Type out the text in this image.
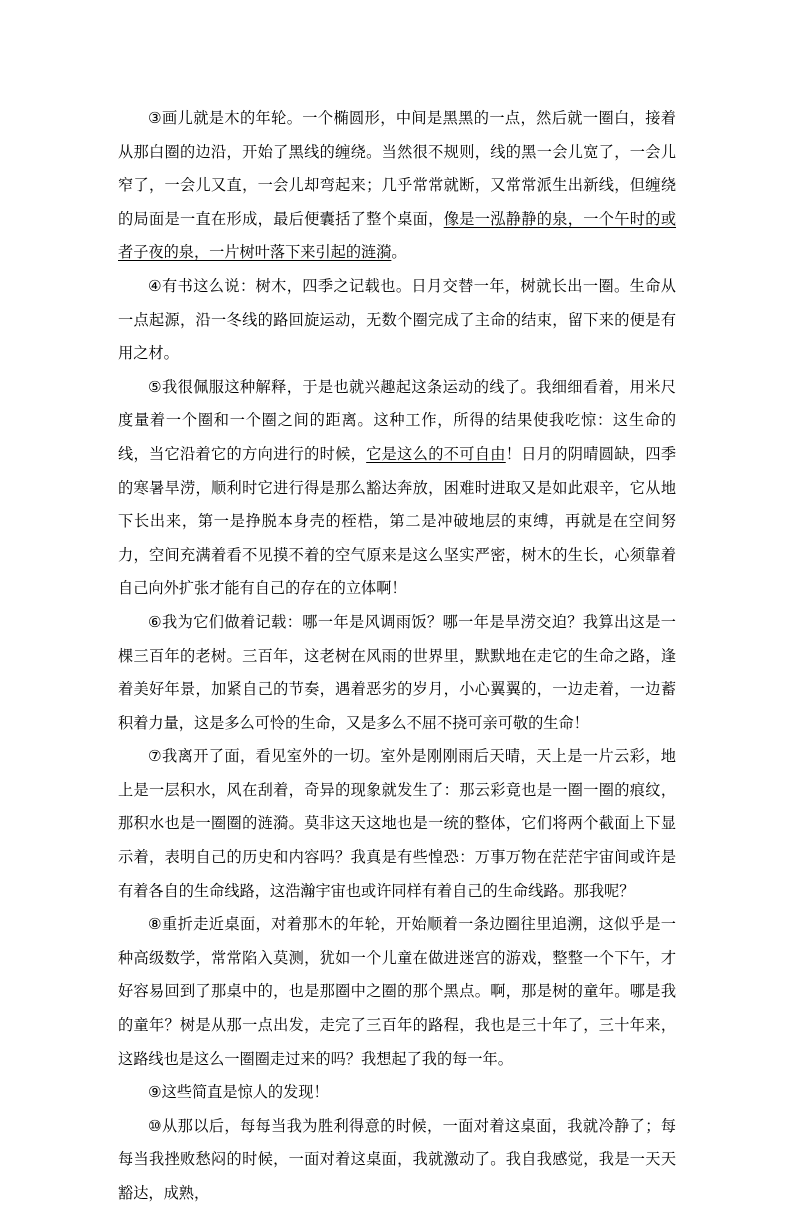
③画儿就是木的年轮。一个椭圆形，中间是黑黑的一点，然后就一圈白，接着从那白圈的边沿，开始了黑线的缠绕。当然很不规则，线的黑一会儿宽了，一会儿窄了，一会儿又直，一会儿却弯起来；几乎常常就断，又常常派生出新线，但缠绕的局面是一直在形成，最后便囊括了整个桌面，像是一泓静静的泉，一个午时的或者子夜的泉，一片树叶落下来引起的涟漪。

④有书这么说：树木，四季之记载也。日月交替一年，树就长出一圈。生命从一点起源，沿一冬线的路回旋运动，无数个圈完成了主命的结束，留下来的便是有用之材。

⑤我很佩服这种解释，于是也就兴趣起这条运动的线了。我细细看着，用米尺度量着一个圈和一个圈之间的距离。这种工作，所得的结果使我吃惊：这生命的线，当它沿着它的方向进行的时候，它是这么的不可自由！日月的阴晴圆缺，四季的寒暑旱涝，顺利时它进行得是那么豁达奔放，困难时进取又是如此艰辛，它从地下长出来，第一是挣脱本身壳的桎梏，第二是冲破地层的束缚，再就是在空间努力，空间充满着看不见摸不着的空气原来是这么坚实严密，树木的生长，心须靠着自己向外扩张才能有自己的存在的立体啊！

⑥我为它们做着记载：哪一年是风调雨饭？哪一年是旱涝交迫？我算出这是一棵三百年的老树。三百年，这老树在风雨的世界里，默默地在走它的生命之路，逢着美好年景，加紧自己的节奏，遇着恶劣的岁月，小心翼翼的，一边走着，一边蓄积着力量，这是多么可怜的生命，又是多么不屈不挠可亲可敬的生命！

⑦我离开了面，看见室外的一切。室外是刚刚雨后天晴，天上是一片云彩，地上是一层积水，风在刮着，奇异的现象就发生了：那云彩竟也是一圈一圈的痕纹，那积水也是一圈圈的涟漪。莫非这天这地也是一统的整体，它们将两个截面上下显示着，表明自己的历史和内容吗？我真是有些惶恐：万事万物在茫茫宇宙间或许是有着各自的生命线路，这浩瀚宇宙也或许同样有着自己的生命线路。那我呢？

⑧重折走近桌面，对着那木的年轮，开始顺着一条边圈往里追溯，这似乎是一种高级数学，常常陷入莫测，犹如一个儿童在做进迷宫的游戏，整整一个下午，才好容易回到了那桌中的，也是那圈中之圈的那个黑点。啊，那是树的童年。哪是我的童年？树是从那一点出发，走完了三百年的路程，我也是三十年了，三十年来，这路线也是这么一圈圈走过来的吗？我想起了我的每一年。

⑨这些简直是惊人的发现！

⑩从那以后，每每当我为胜利得意的时候，一面对着这桌面，我就冷静了；每每当我挫败愁闷的时候，一面对着这桌面，我就激动了。我自我感觉，我是一天天豁达，成熟，
